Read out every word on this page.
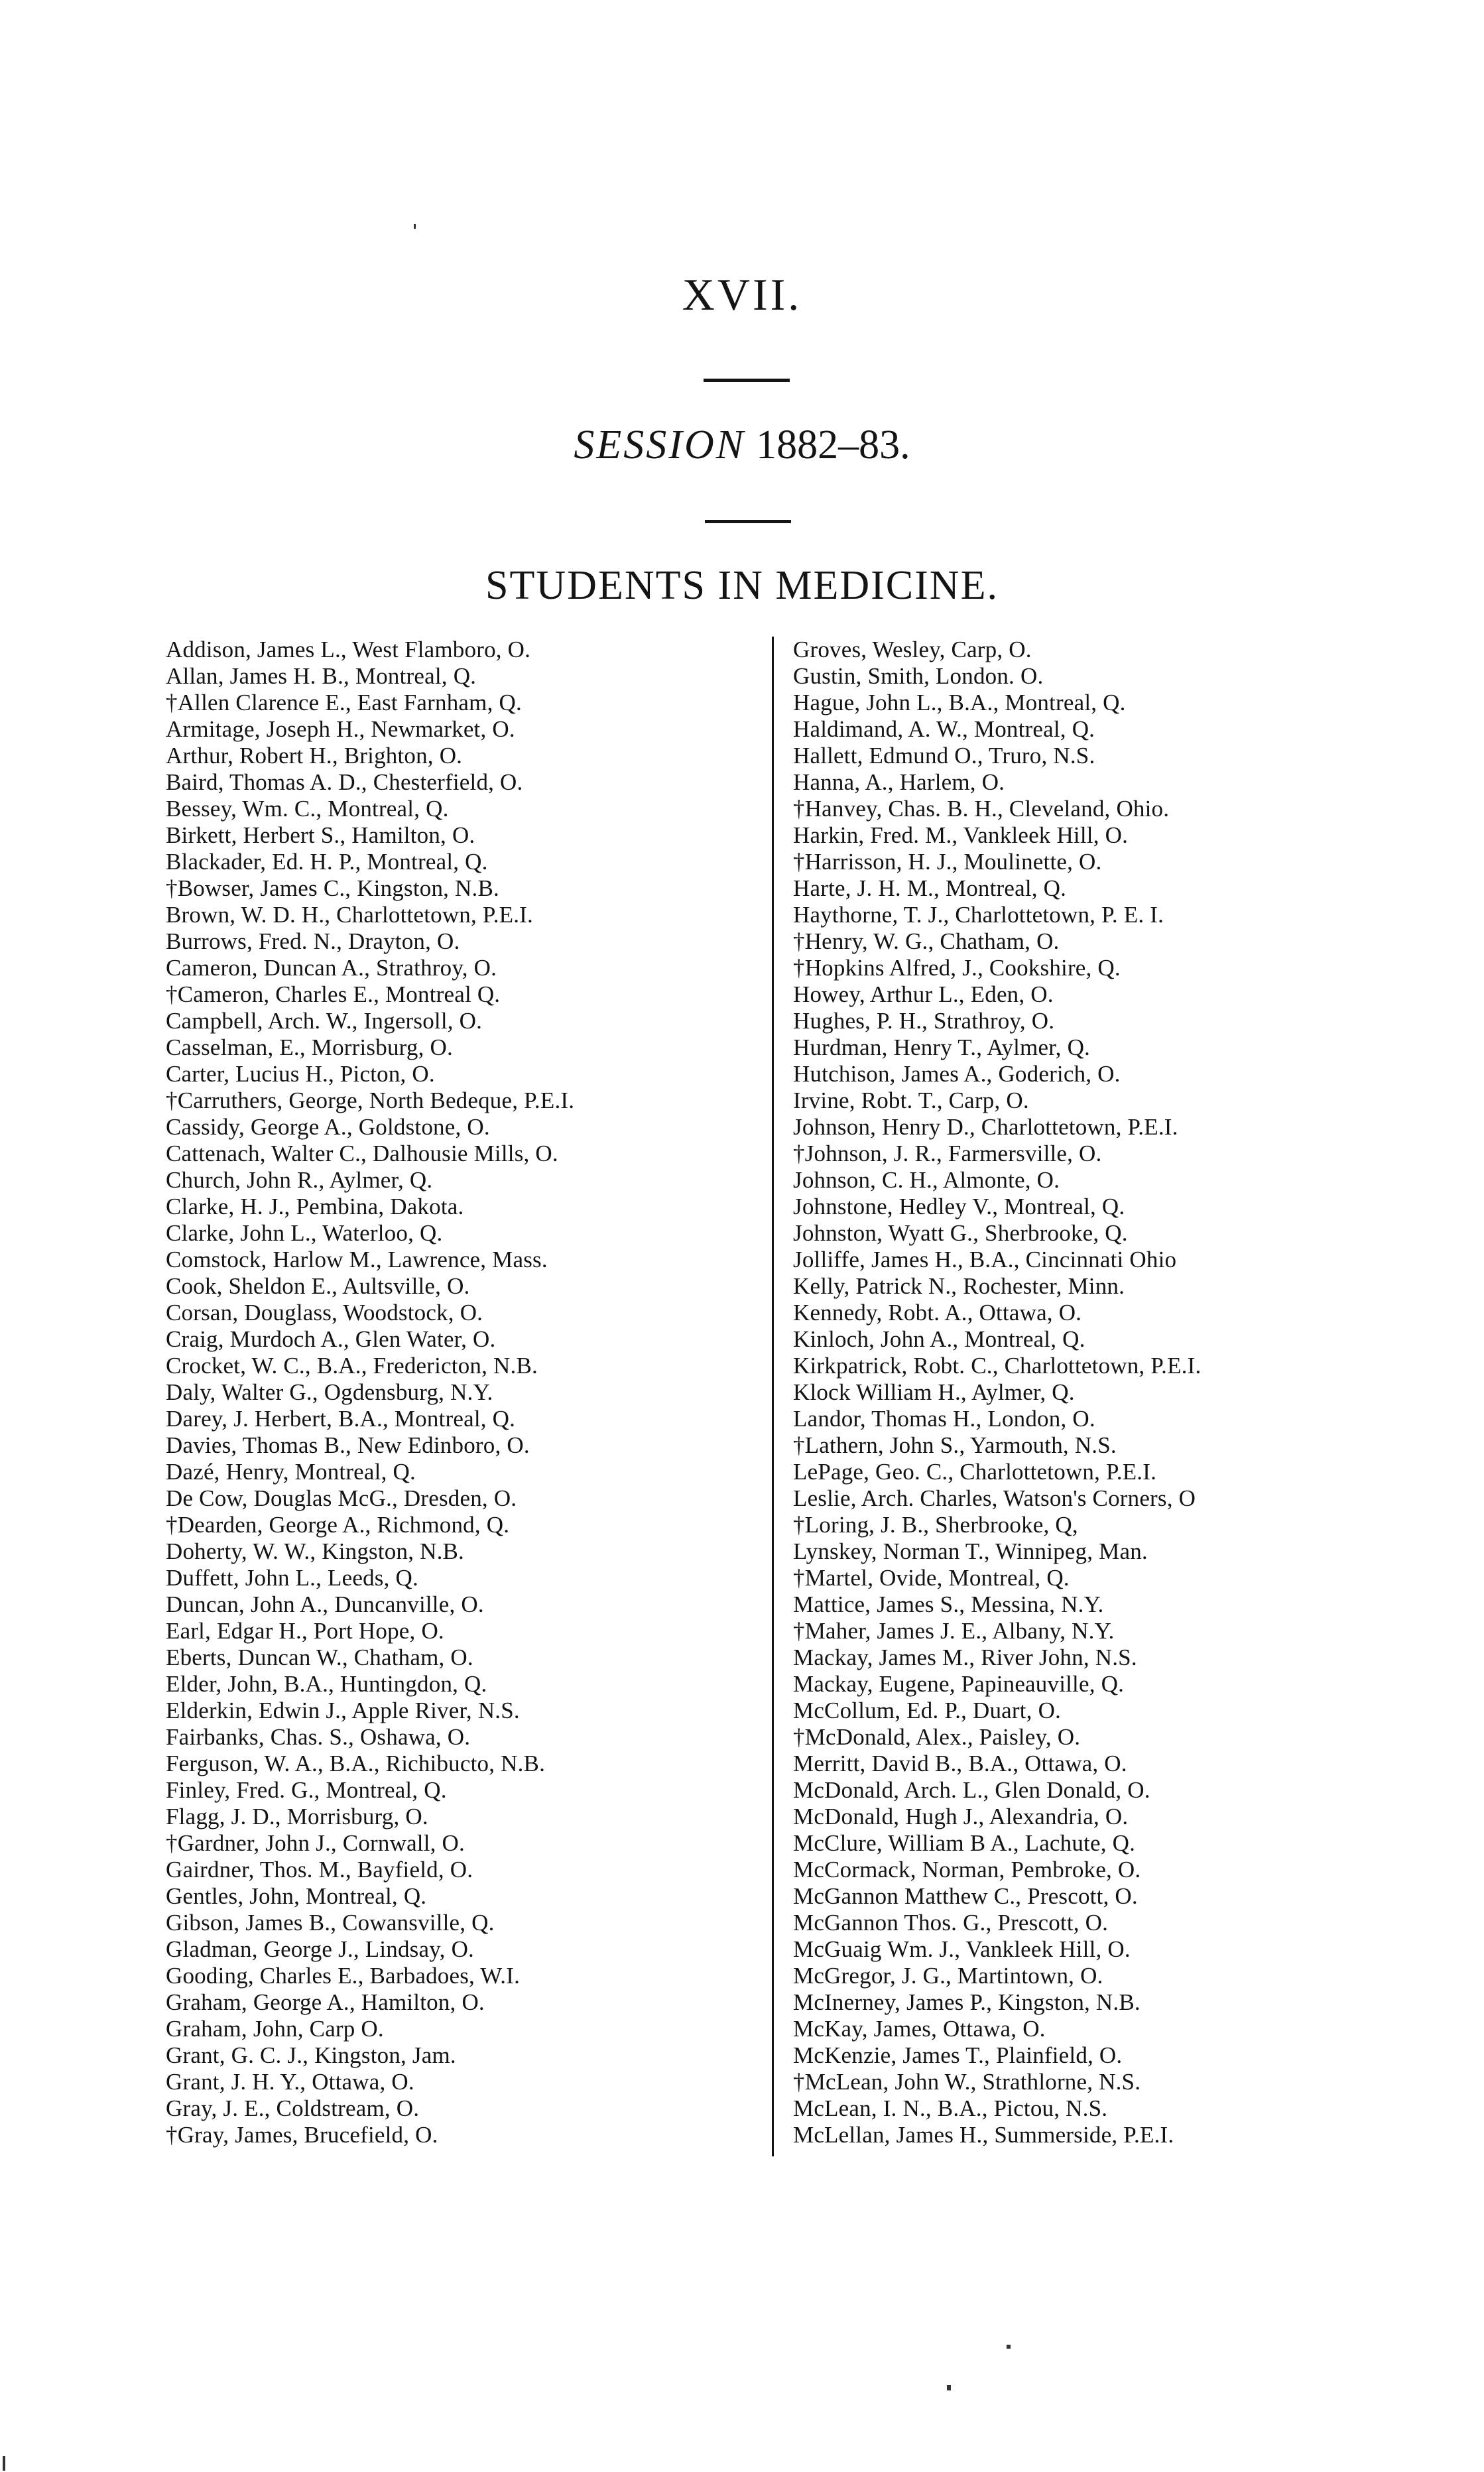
XVII.
SESSION 1882–83.
STUDENTS IN MEDICINE.
Addison, James L., West Flamboro, O.
Allan, James H. B., Montreal, Q.
†Allen Clarence E., East Farnham, Q.
Armitage, Joseph H., Newmarket, O.
Arthur, Robert H., Brighton, O.
Baird, Thomas A. D., Chesterfield, O.
Bessey, Wm. C., Montreal, Q.
Birkett, Herbert S., Hamilton, O.
Blackader, Ed. H. P., Montreal, Q.
†Bowser, James C., Kingston, N.B.
Brown, W. D. H., Charlottetown, P.E.I.
Burrows, Fred. N., Drayton, O.
Cameron, Duncan A., Strathroy, O.
†Cameron, Charles E., Montreal Q.
Campbell, Arch. W., Ingersoll, O.
Casselman, E., Morrisburg, O.
Carter, Lucius H., Picton, O.
†Carruthers, George, North Bedeque, P.E.I.
Cassidy, George A., Goldstone, O.
Cattenach, Walter C., Dalhousie Mills, O.
Church, John R., Aylmer, Q.
Clarke, H. J., Pembina, Dakota.
Clarke, John L., Waterloo, Q.
Comstock, Harlow M., Lawrence, Mass.
Cook, Sheldon E., Aultsville, O.
Corsan, Douglass, Woodstock, O.
Craig, Murdoch A., Glen Water, O.
Crocket, W. C., B.A., Fredericton, N.B.
Daly, Walter G., Ogdensburg, N.Y.
Darey, J. Herbert, B.A., Montreal, Q.
Davies, Thomas B., New Edinboro, O.
Dazé, Henry, Montreal, Q.
De Cow, Douglas McG., Dresden, O.
†Dearden, George A., Richmond, Q.
Doherty, W. W., Kingston, N.B.
Duffett, John L., Leeds, Q.
Duncan, John A., Duncanville, O.
Earl, Edgar H., Port Hope, O.
Eberts, Duncan W., Chatham, O.
Elder, John, B.A., Huntingdon, Q.
Elderkin, Edwin J., Apple River, N.S.
Fairbanks, Chas. S., Oshawa, O.
Ferguson, W. A., B.A., Richibucto, N.B.
Finley, Fred. G., Montreal, Q.
Flagg, J. D., Morrisburg, O.
†Gardner, John J., Cornwall, O.
Gairdner, Thos. M., Bayfield, O.
Gentles, John, Montreal, Q.
Gibson, James B., Cowansville, Q.
Gladman, George J., Lindsay, O.
Gooding, Charles E., Barbadoes, W.I.
Graham, George A., Hamilton, O.
Graham, John, Carp O.
Grant, G. C. J., Kingston, Jam.
Grant, J. H. Y., Ottawa, O.
Gray, J. E., Coldstream, O.
†Gray, James, Brucefield, O.
Groves, Wesley, Carp, O.
Gustin, Smith, London. O.
Hague, John L., B.A., Montreal, Q.
Haldimand, A. W., Montreal, Q.
Hallett, Edmund O., Truro, N.S.
Hanna, A., Harlem, O.
†Hanvey, Chas. B. H., Cleveland, Ohio.
Harkin, Fred. M., Vankleek Hill, O.
†Harrisson, H. J., Moulinette, O.
Harte, J. H. M., Montreal, Q.
Haythorne, T. J., Charlottetown, P. E. I.
†Henry, W. G., Chatham, O.
†Hopkins Alfred, J., Cookshire, Q.
Howey, Arthur L., Eden, O.
Hughes, P. H., Strathroy, O.
Hurdman, Henry T., Aylmer, Q.
Hutchison, James A., Goderich, O.
Irvine, Robt. T., Carp, O.
Johnson, Henry D., Charlottetown, P.E.I.
†Johnson, J. R., Farmersville, O.
Johnson, C. H., Almonte, O.
Johnstone, Hedley V., Montreal, Q.
Johnston, Wyatt G., Sherbrooke, Q.
Jolliffe, James H., B.A., Cincinnati Ohio
Kelly, Patrick N., Rochester, Minn.
Kennedy, Robt. A., Ottawa, O.
Kinloch, John A., Montreal, Q.
Kirkpatrick, Robt. C., Charlottetown, P.E.I.
Klock William H., Aylmer, Q.
Landor, Thomas H., London, O.
†Lathern, John S., Yarmouth, N.S.
LePage, Geo. C., Charlottetown, P.E.I.
Leslie, Arch. Charles, Watson's Corners, O
†Loring, J. B., Sherbrooke, Q,
Lynskey, Norman T., Winnipeg, Man.
†Martel, Ovide, Montreal, Q.
Mattice, James S., Messina, N.Y.
†Maher, James J. E., Albany, N.Y.
Mackay, James M., River John, N.S.
Mackay, Eugene, Papineauville, Q.
McCollum, Ed. P., Duart, O.
†McDonald, Alex., Paisley, O.
Merritt, David B., B.A., Ottawa, O.
McDonald, Arch. L., Glen Donald, O.
McDonald, Hugh J., Alexandria, O.
McClure, William B A., Lachute, Q.
McCormack, Norman, Pembroke, O.
McGannon Matthew C., Prescott, O.
McGannon Thos. G., Prescott, O.
McGuaig Wm. J., Vankleek Hill, O.
McGregor, J. G., Martintown, O.
McInerney, James P., Kingston, N.B.
McKay, James, Ottawa, O.
McKenzie, James T., Plainfield, O.
†McLean, John W., Strathlorne, N.S.
McLean, I. N., B.A., Pictou, N.S.
McLellan, James H., Summerside, P.E.I.
